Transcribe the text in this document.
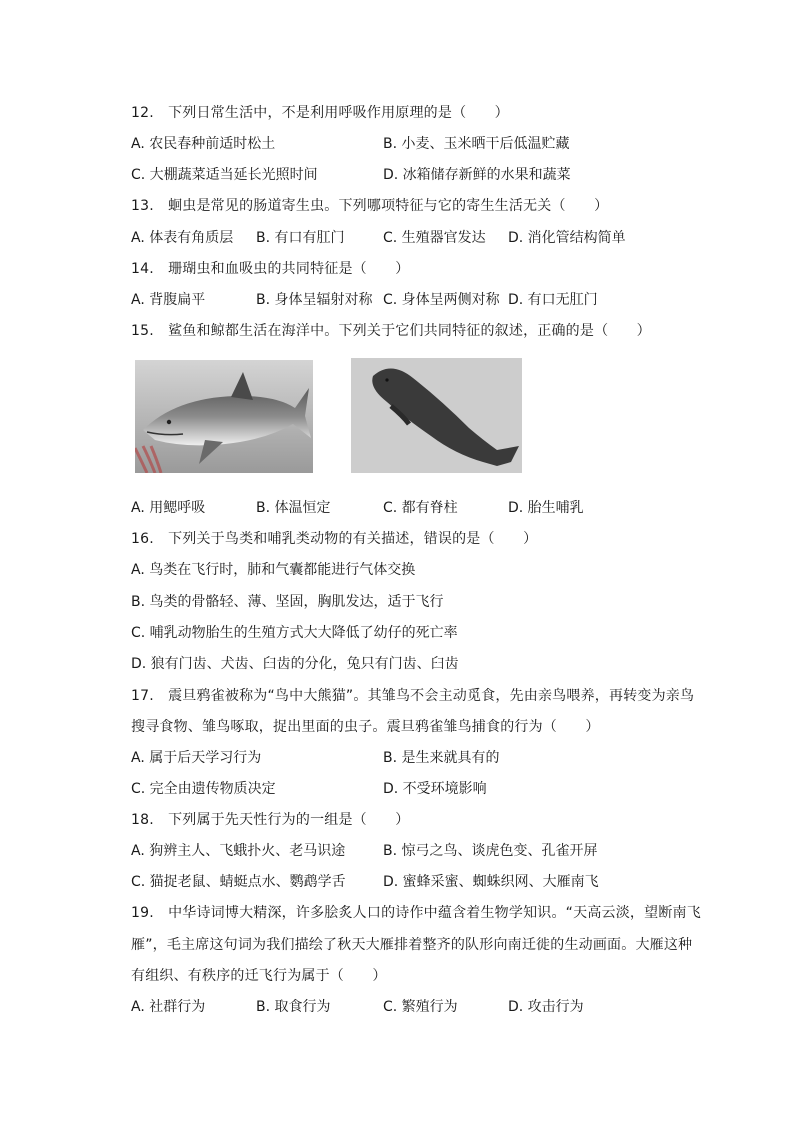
12.　下列日常生活中，不是利用呼吸作用原理的是（　　）
A. 农民春种前适时松土	B. 小麦、玉米晒干后低温贮藏
C. 大棚蔬菜适当延长光照时间	D. 冰箱储存新鲜的水果和蔬菜
13.　蛔虫是常见的肠道寄生虫。下列哪项特征与它的寄生生活无关（　　）
A. 体表有角质层 B. 有口有肛门	C. 生殖器官发达 D. 消化管结构简单
14.　珊瑚虫和血吸虫的共同特征是（　　）
A. 背腹扁平	B. 身体呈辐射对称 C. 身体呈两侧对称 D. 有口无肛门
15.　鲨鱼和鲸都生活在海洋中。下列关于它们共同特征的叙述，正确的是（　　）
A. 用鳃呼吸	B. 体温恒定	C. 都有脊柱	D. 胎生哺乳
16.　下列关于鸟类和哺乳类动物的有关描述，错误的是（　　）
A. 鸟类在飞行时，肺和气囊都能进行气体交换
B. 鸟类的骨骼轻、薄、坚固，胸肌发达，适于飞行
C. 哺乳动物胎生的生殖方式大大降低了幼仔的死亡率
D. 狼有门齿、犬齿、臼齿的分化，兔只有门齿、臼齿
17.　震旦鸦雀被称为“鸟中大熊猫”。其雏鸟不会主动觅食，先由亲鸟喂养，再转变为亲鸟
搜寻食物、雏鸟啄取，捉出里面的虫子。震旦鸦雀雏鸟捕食的行为（　　）
A. 属于后天学习行为	B. 是生来就具有的
C. 完全由遗传物质决定	D. 不受环境影响
18.　下列属于先天性行为的一组是（　　）
A. 狗辨主人、飞蛾扑火、老马识途	B. 惊弓之鸟、谈虎色变、孔雀开屏
C. 猫捉老鼠、蜻蜓点水、鹦鹉学舌	D. 蜜蜂采蜜、蜘蛛织网、大雁南飞
19.　中华诗词博大精深，许多脍炙人口的诗作中蕴含着生物学知识。“天高云淡，望断南飞
雁”，毛主席这句词为我们描绘了秋天大雁排着整齐的队形向南迁徙的生动画面。大雁这种
有组织、有秩序的迁飞行为属于（　　）
A. 社群行为	B. 取食行为	C. 繁殖行为	D. 攻击行为
